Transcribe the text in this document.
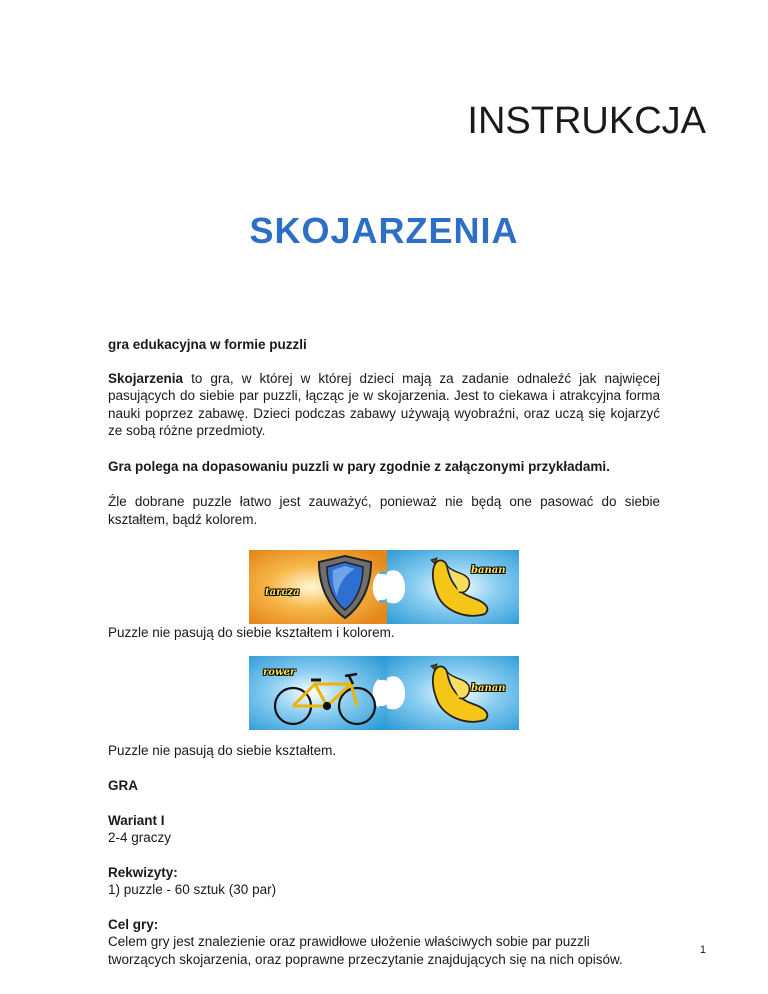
INSTRUKCJA
SKOJARZENIA

gra edukacyjna w formie puzzli

Skojarzenia to gra, w której w której dzieci mają za zadanie odnaleźć jak najwięcej pasujących do siebie par puzzli, łącząc je w skojarzenia. Jest to ciekawa i atrakcyjna forma nauki poprzez zabawę. Dzieci podczas zabawy używają wyobraźni, oraz uczą się kojarzyć ze sobą różne przedmioty.

Gra polega na dopasowaniu puzzli w pary zgodnie z załączonymi przykładami.

Źle dobrane puzzle łatwo jest zauważyć, ponieważ nie będą one pasować do siebie kształtem, bądź kolorem.

tarcza
banan

Puzzle nie pasują do siebie kształtem i kolorem.

rower
banan

Puzzle nie pasują do siebie kształtem.

GRA

Wariant I

2-4 graczy

Rekwizyty:

1) puzzle - 60 sztuk (30 par)

Cel gry:

Celem gry jest znalezienie oraz prawidłowe ułożenie właściwych sobie par puzzli tworzących skojarzenia, oraz poprawne przeczytanie znajdujących się na nich opisów.

1
